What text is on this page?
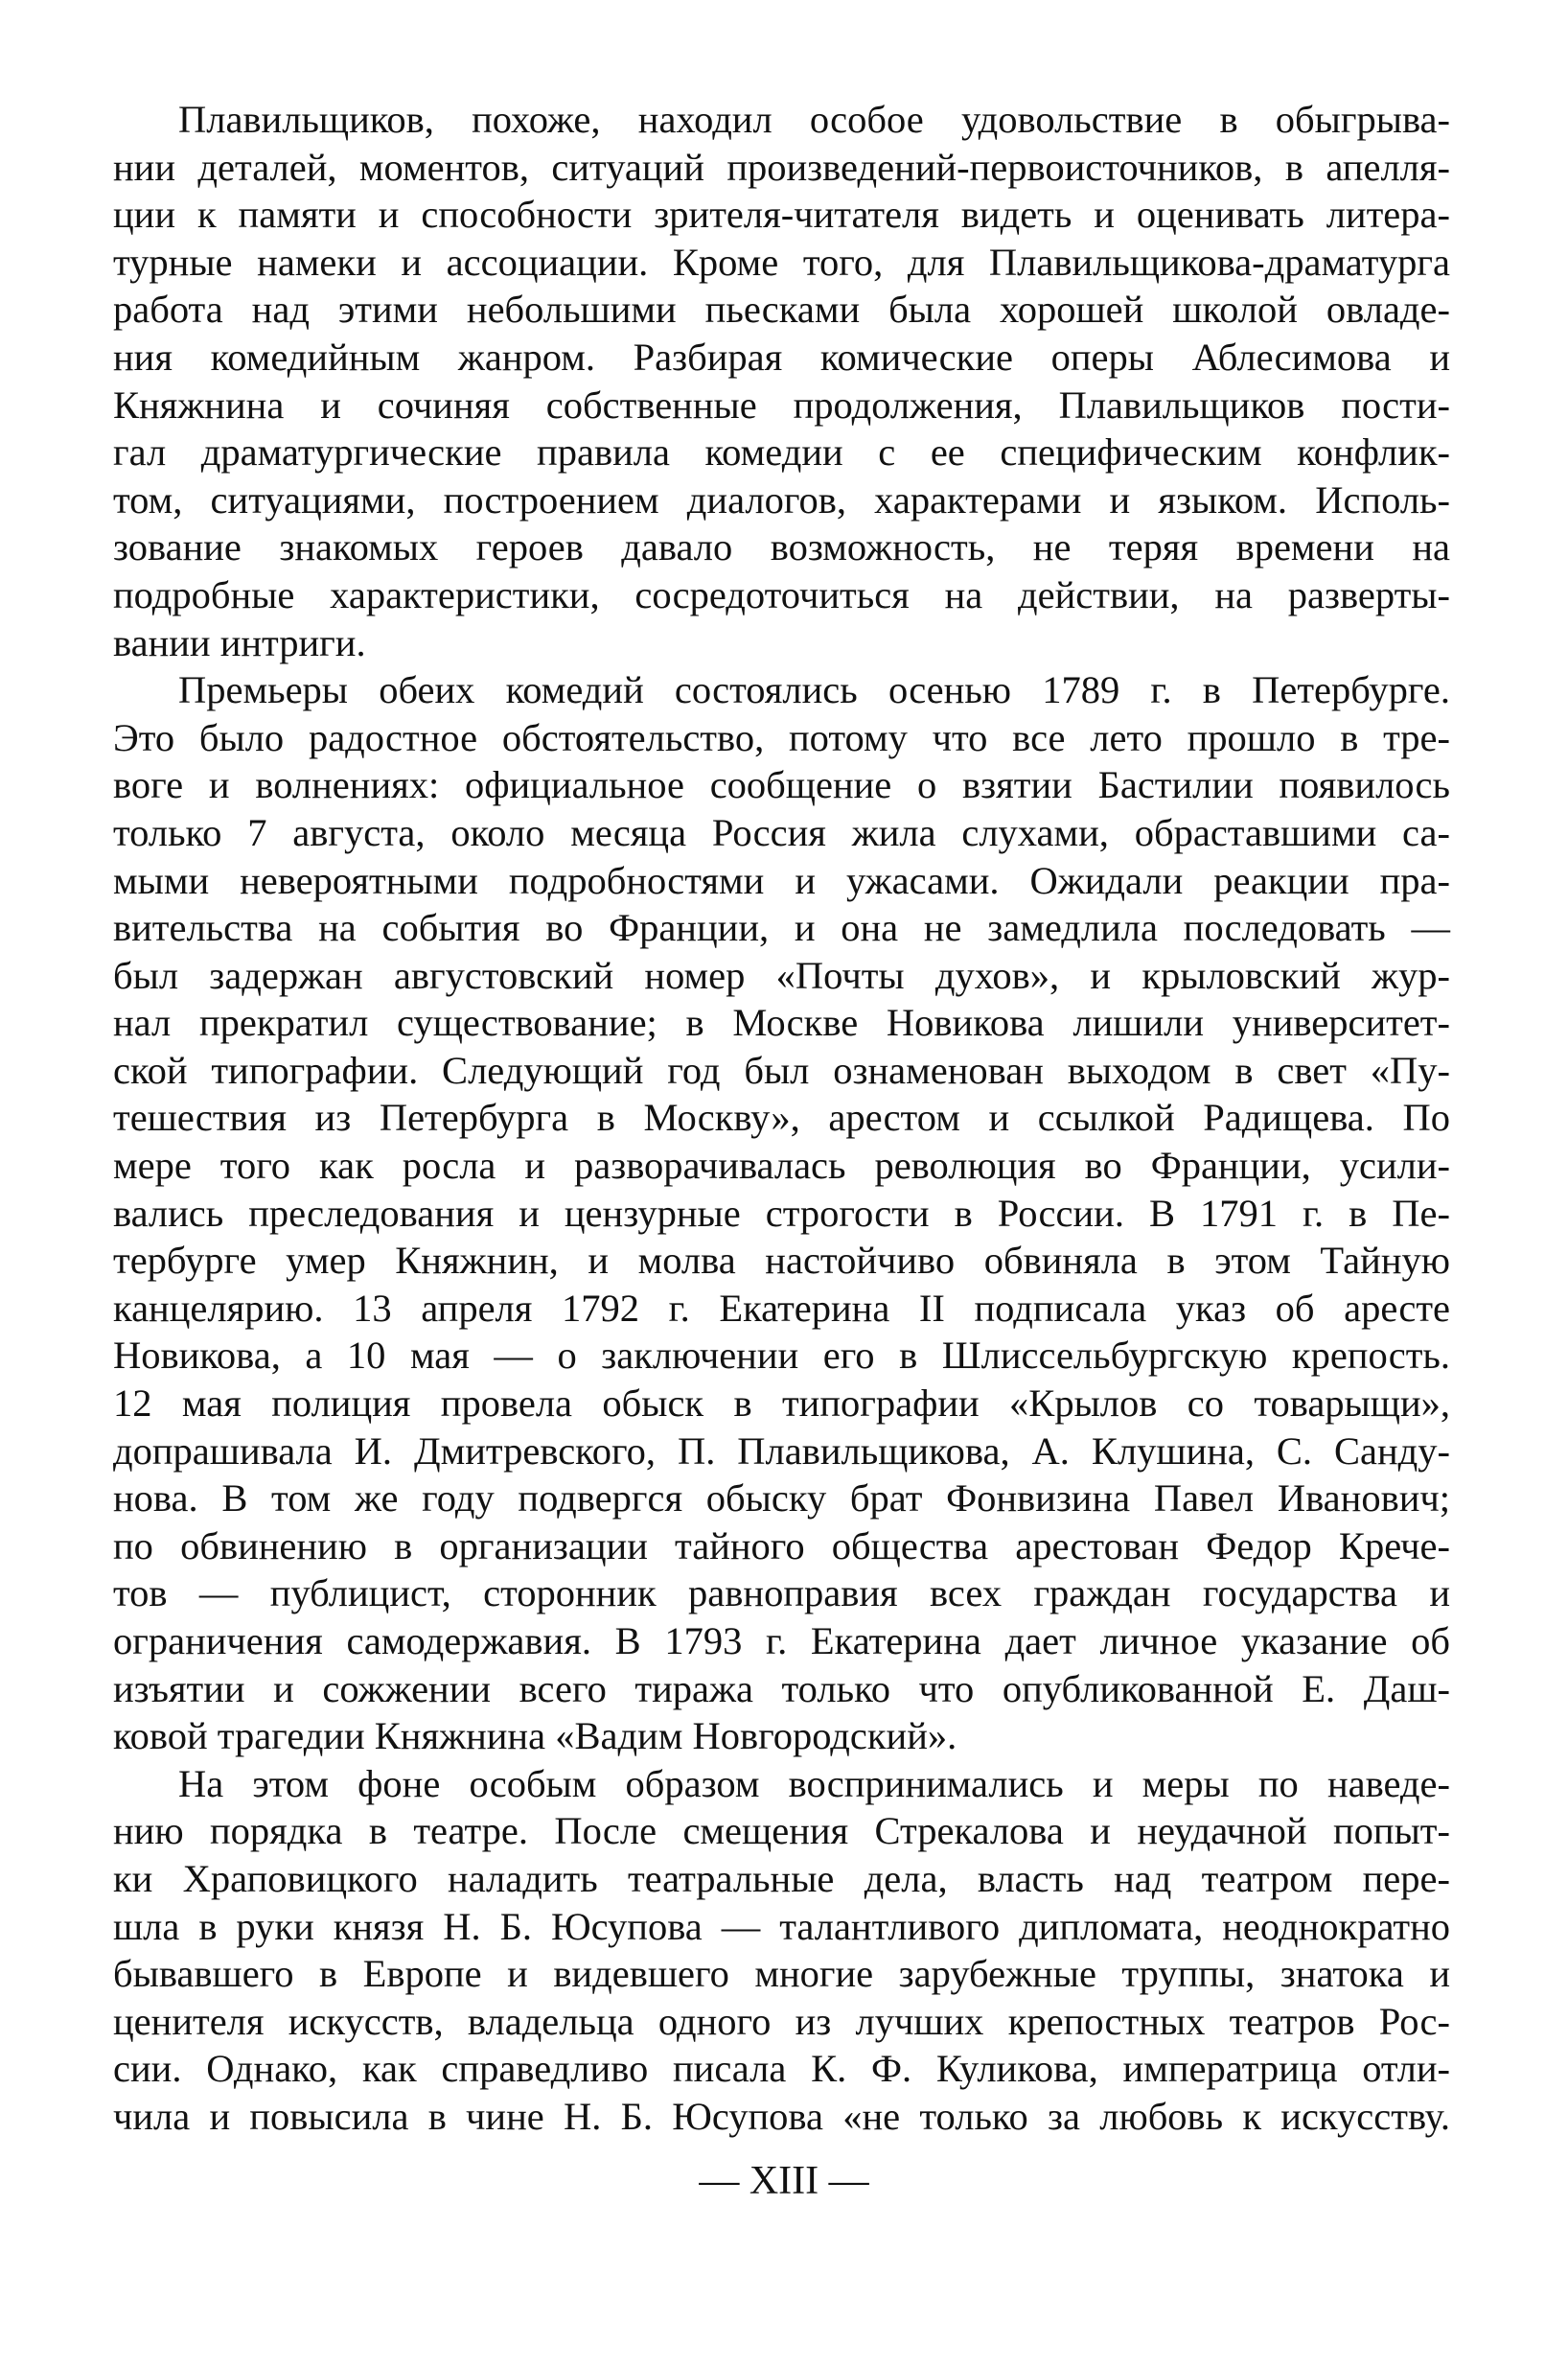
Плавильщиков, похоже, находил особое удовольствие в обыгрыва-
нии деталей, моментов, ситуаций произведений-первоисточников, в апелля-
ции к памяти и способности зрителя-читателя видеть и оценивать литера-
турные намеки и ассоциации. Кроме того, для Плавильщикова-драматурга
работа над этими небольшими пьесками была хорошей школой овладе-
ния комедийным жанром. Разбирая комические оперы Аблесимова и
Княжнина и сочиняя собственные продолжения, Плавильщиков пости-
гал драматургические правила комедии с ее специфическим конфлик-
том, ситуациями, построением диалогов, характерами и языком. Исполь-
зование знакомых героев давало возможность, не теряя времени на
подробные характеристики, сосредоточиться на действии, на разверты-
вании интриги.
Премьеры обеих комедий состоялись осенью 1789 г. в Петербурге.
Это было радостное обстоятельство, потому что все лето прошло в тре-
воге и волнениях: официальное сообщение о взятии Бастилии появилось
только 7 августа, около месяца Россия жила слухами, обраставшими са-
мыми невероятными подробностями и ужасами. Ожидали реакции пра-
вительства на события во Франции, и она не замедлила последовать —
был задержан августовский номер «Почты духов», и крыловский жур-
нал прекратил существование; в Москве Новикова лишили университет-
ской типографии. Следующий год был ознаменован выходом в свет «Пу-
тешествия из Петербурга в Москву», арестом и ссылкой Радищева. По
мере того как росла и разворачивалась революция во Франции, усили-
вались преследования и цензурные строгости в России. В 1791 г. в Пе-
тербурге умер Княжнин, и молва настойчиво обвиняла в этом Тайную
канцелярию. 13 апреля 1792 г. Екатерина II подписала указ об аресте
Новикова, а 10 мая — о заключении его в Шлиссельбургскую крепость.
12 мая полиция провела обыск в типографии «Крылов со товарыщи»,
допрашивала И. Дмитревского, П. Плавильщикова, А. Клушина, С. Санду-
нова. В том же году подвергся обыску брат Фонвизина Павел Иванович;
по обвинению в организации тайного общества арестован Федор Крече-
тов — публицист, сторонник равноправия всех граждан государства и
ограничения самодержавия. В 1793 г. Екатерина дает личное указание об
изъятии и сожжении всего тиража только что опубликованной Е. Даш-
ковой трагедии Княжнина «Вадим Новгородский».
На этом фоне особым образом воспринимались и меры по наведе-
нию порядка в театре. После смещения Стрекалова и неудачной попыт-
ки Храповицкого наладить театральные дела, власть над театром пере-
шла в руки князя Н. Б. Юсупова — талантливого дипломата, неоднократно
бывавшего в Европе и видевшего многие зарубежные труппы, знатока и
ценителя искусств, владельца одного из лучших крепостных театров Рос-
сии. Однако, как справедливо писала К. Ф. Куликова, императрица отли-
чила и повысила в чине Н. Б. Юсупова «не только за любовь к искусству.
— XIII —
